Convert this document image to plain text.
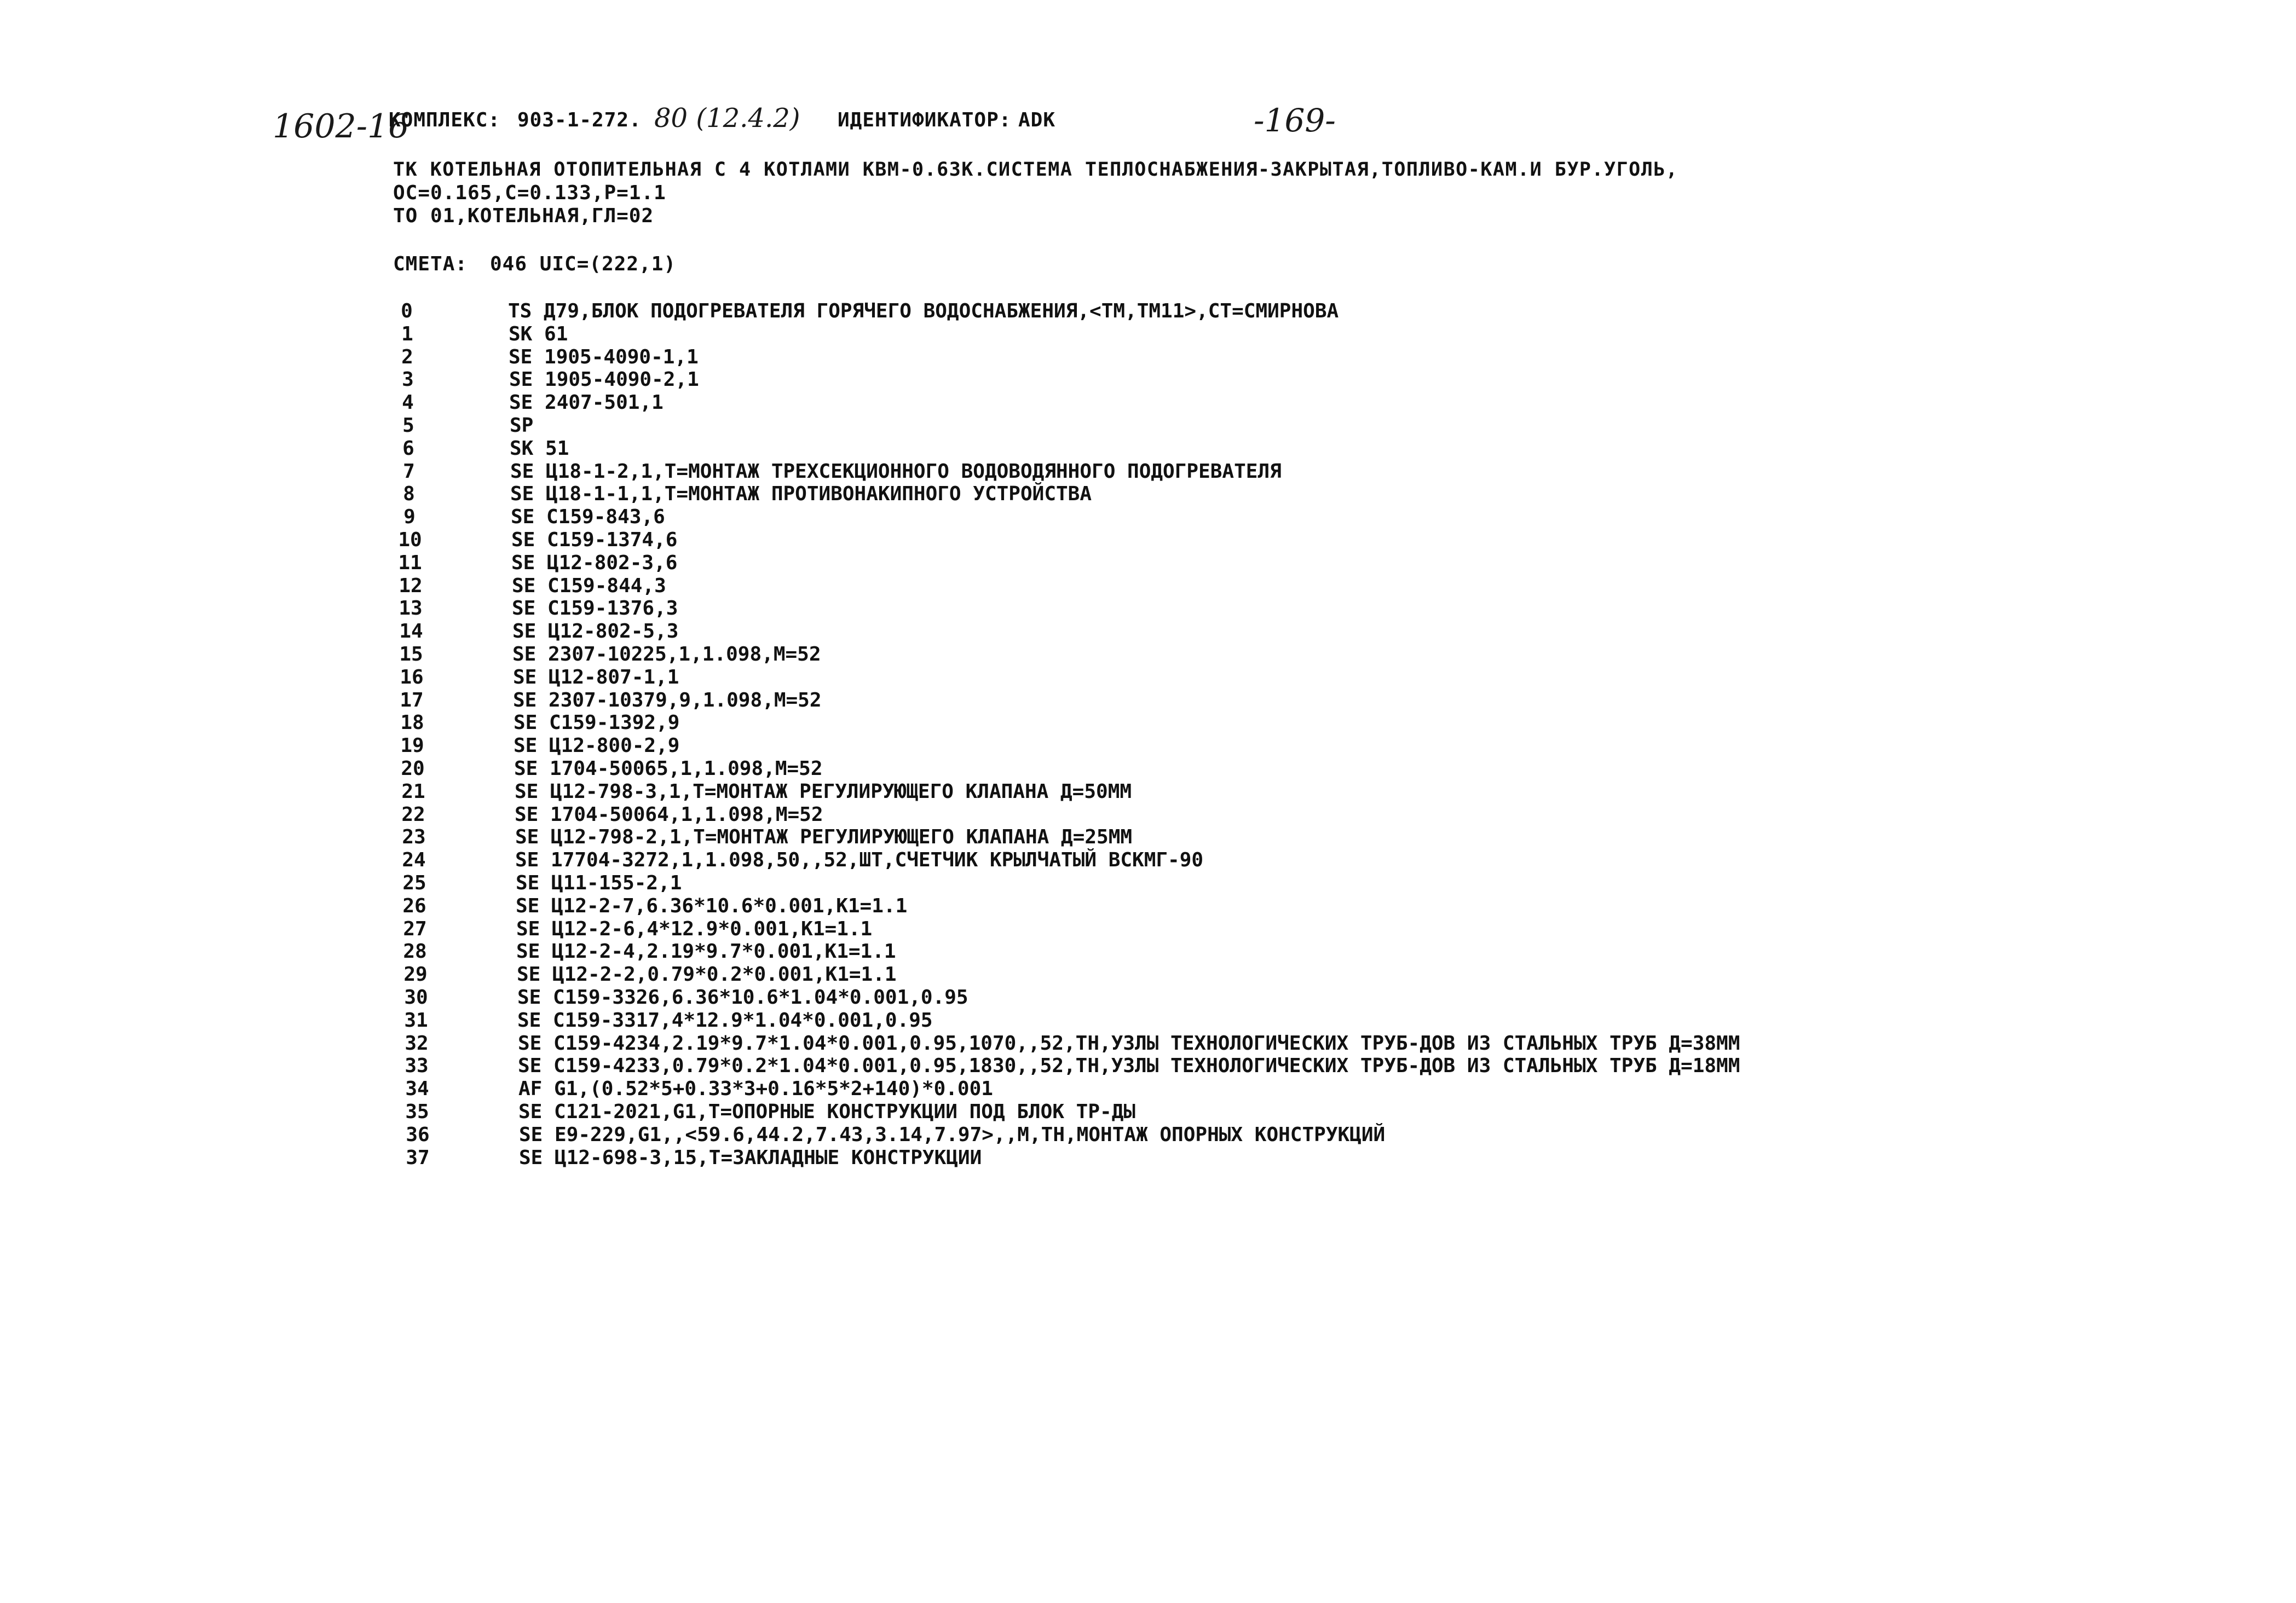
1602-16	-169-
КОМПЛЕКС: 903-1-272. 80 (12.4.2) ИДЕНТИФИКАТОР: ADK
ТК КОТЕЛЬНАЯ ОТОПИТЕЛЬНАЯ С 4 КОТЛАМИ КВМ-0.63К.СИСТЕМА ТЕПЛОСНАБЖЕНИЯ-ЗАКРЫТАЯ,ТОПЛИВО-КАМ.И БУР.УГОЛЬ,
ОС=0.165,С=0.133,Р=1.1
ТО 01,КОТЕЛЬНАЯ,ГЛ=02
СМЕТА: 046 UIC=(222,1)
0	TS Д79,БЛОК ПОДОГРЕВАТЕЛЯ ГОРЯЧЕГО ВОДОСНАБЖЕНИЯ,<ТМ,ТМ11>,СТ=СМИРНОВА
1	SK 61
2	SE 1905-4090-1,1
3	SE 1905-4090-2,1
4	SE 2407-501,1
5	SP
6	SK 51
7	SE Ц18-1-2,1,Т=МОНТАЖ ТРЕХСЕКЦИОННОГО ВОДОВОДЯННОГО ПОДОГРЕВАТЕЛЯ
8	SE Ц18-1-1,1,Т=МОНТАЖ ПРОТИВОНАКИПНОГО УСТРОЙСТВА
9	SE С159-843,6
10	SE С159-1374,6
11	SE Ц12-802-3,6
12	SE С159-844,3
13	SE С159-1376,3
14	SE Ц12-802-5,3
15	SE 2307-10225,1,1.098,М=52
16	SE Ц12-807-1,1
17	SE 2307-10379,9,1.098,М=52
18	SE С159-1392,9
19	SE Ц12-800-2,9
20	SE 1704-50065,1,1.098,М=52
21	SE Ц12-798-3,1,Т=МОНТАЖ РЕГУЛИРУЮЩЕГО КЛАПАНА Д=50ММ
22	SE 1704-50064,1,1.098,М=52
23	SE Ц12-798-2,1,Т=МОНТАЖ РЕГУЛИРУЮЩЕГО КЛАПАНА Д=25ММ
24	SE 17704-3272,1,1.098,50,,52,ШТ,СЧЕТЧИК КРЫЛЧАТЫЙ ВСКМГ-90
25	SE Ц11-155-2,1
26	SE Ц12-2-7,6.36*10.6*0.001,К1=1.1
27	SE Ц12-2-6,4*12.9*0.001,К1=1.1
28	SE Ц12-2-4,2.19*9.7*0.001,К1=1.1
29	SE Ц12-2-2,0.79*0.2*0.001,К1=1.1
30	SE С159-3326,6.36*10.6*1.04*0.001,0.95
31	SE С159-3317,4*12.9*1.04*0.001,0.95
32	SE С159-4234,2.19*9.7*1.04*0.001,0.95,1070,,52,ТН,УЗЛЫ ТЕХНОЛОГИЧЕСКИХ ТРУБ-ДОВ ИЗ СТАЛЬНЫХ ТРУБ Д=38ММ
33	SE С159-4233,0.79*0.2*1.04*0.001,0.95,1830,,52,ТН,УЗЛЫ ТЕХНОЛОГИЧЕСКИХ ТРУБ-ДОВ ИЗ СТАЛЬНЫХ ТРУБ Д=18ММ
34	AF G1,(0.52*5+0.33*3+0.16*5*2+140)*0.001
35	SE С121-2021,G1,Т=ОПОРНЫЕ КОНСТРУКЦИИ ПОД БЛОК ТР-ДЫ
36	SE Е9-229,G1,,<59.6,44.2,7.43,3.14,7.97>,,М,ТН,МОНТАЖ ОПОРНЫХ КОНСТРУКЦИЙ
37	SE Ц12-698-3,15,Т=ЗАКЛАДНЫЕ КОНСТРУКЦИИ
